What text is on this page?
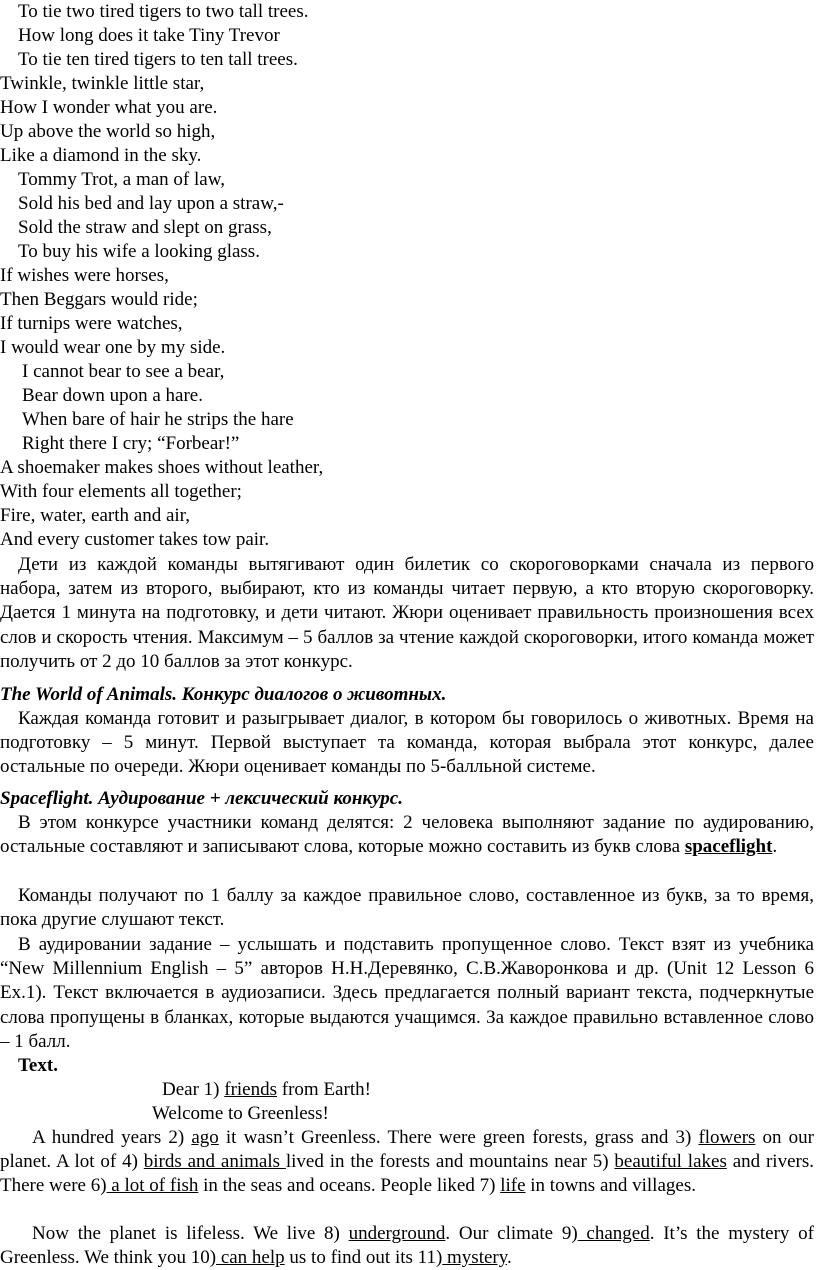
To tie two tired tigers to two tall trees.

How long does it take Tiny Trevor

To tie ten tired tigers to ten tall trees.

Twinkle, twinkle little star,

How I wonder what you are.

Up above the world so high,

Like a diamond in the sky.

Tommy Trot, a man of law,

Sold his bed and lay upon a straw,-

Sold the straw and slept on grass,

To buy his wife a looking glass.

If wishes were horses,

Then Beggars would ride;

If turnips were watches,

I would wear one by my side.

I cannot bear to see a bear,

Bear down upon a hare.

When bare of hair he strips the hare

Right there I cry; “Forbear!”

A shoemaker makes shoes without leather,

With four elements all together;

Fire, water, earth and air,

And every customer takes tow pair.

Дети из каждой команды вытягивают один билетик со скороговорками сначала из первого набора, затем из второго, выбирают, кто из команды читает первую, а кто вторую скороговорку. Дается 1 минута на подготовку, и дети читают. Жюри оценивает правильность произношения всех слов и скорость чтения. Максимум – 5 баллов за чтение каждой скороговорки, итого команда может получить от 2 до 10 баллов за этот конкурс.

The World of Animals. Конкурс диалогов о животных.

Каждая команда готовит и разыгрывает диалог, в котором бы говорилось о животных. Время на подготовку – 5 минут. Первой выступает та команда, которая выбрала этот конкурс, далее остальные по очереди. Жюри оценивает команды по 5-балльной системе.

Spaceflight. Аудирование + лексический конкурс.

В этом конкурсе участники команд делятся: 2 человека выполняют задание по аудированию, остальные составляют и записывают слова, которые можно составить из букв слова spaceflight.

Команды получают по 1 баллу за каждое правильное слово, составленное из букв, за то время, пока другие слушают текст.

В аудировании задание – услышать и подставить пропущенное слово. Текст взят из учебника “New Millennium English – 5” авторов Н.Н.Деревянко, С.В.Жаворонкова и др. (Unit 12 Lesson 6 Ex.1). Текст включается в аудиозаписи. Здесь предлагается полный вариант текста, подчеркнутые слова пропущены в бланках, которые выдаются учащимся. За каждое правильно вставленное слово – 1 балл.

Text.

Dear 1) friends from Earth!

Welcome to Greenless!

A hundred years 2) ago it wasn’t Greenless. There were green forests, grass and 3) flowers on our planet. A lot of 4) birds and animals lived in the forests and mountains near 5) beautiful lakes and rivers. There were 6) a lot of fish in the seas and oceans. People liked 7) life in towns and villages.

Now the planet is lifeless. We live 8) underground. Our climate 9) changed. It’s the mystery of Greenless. We think you 10) can help us to find out its 11) mystery.
